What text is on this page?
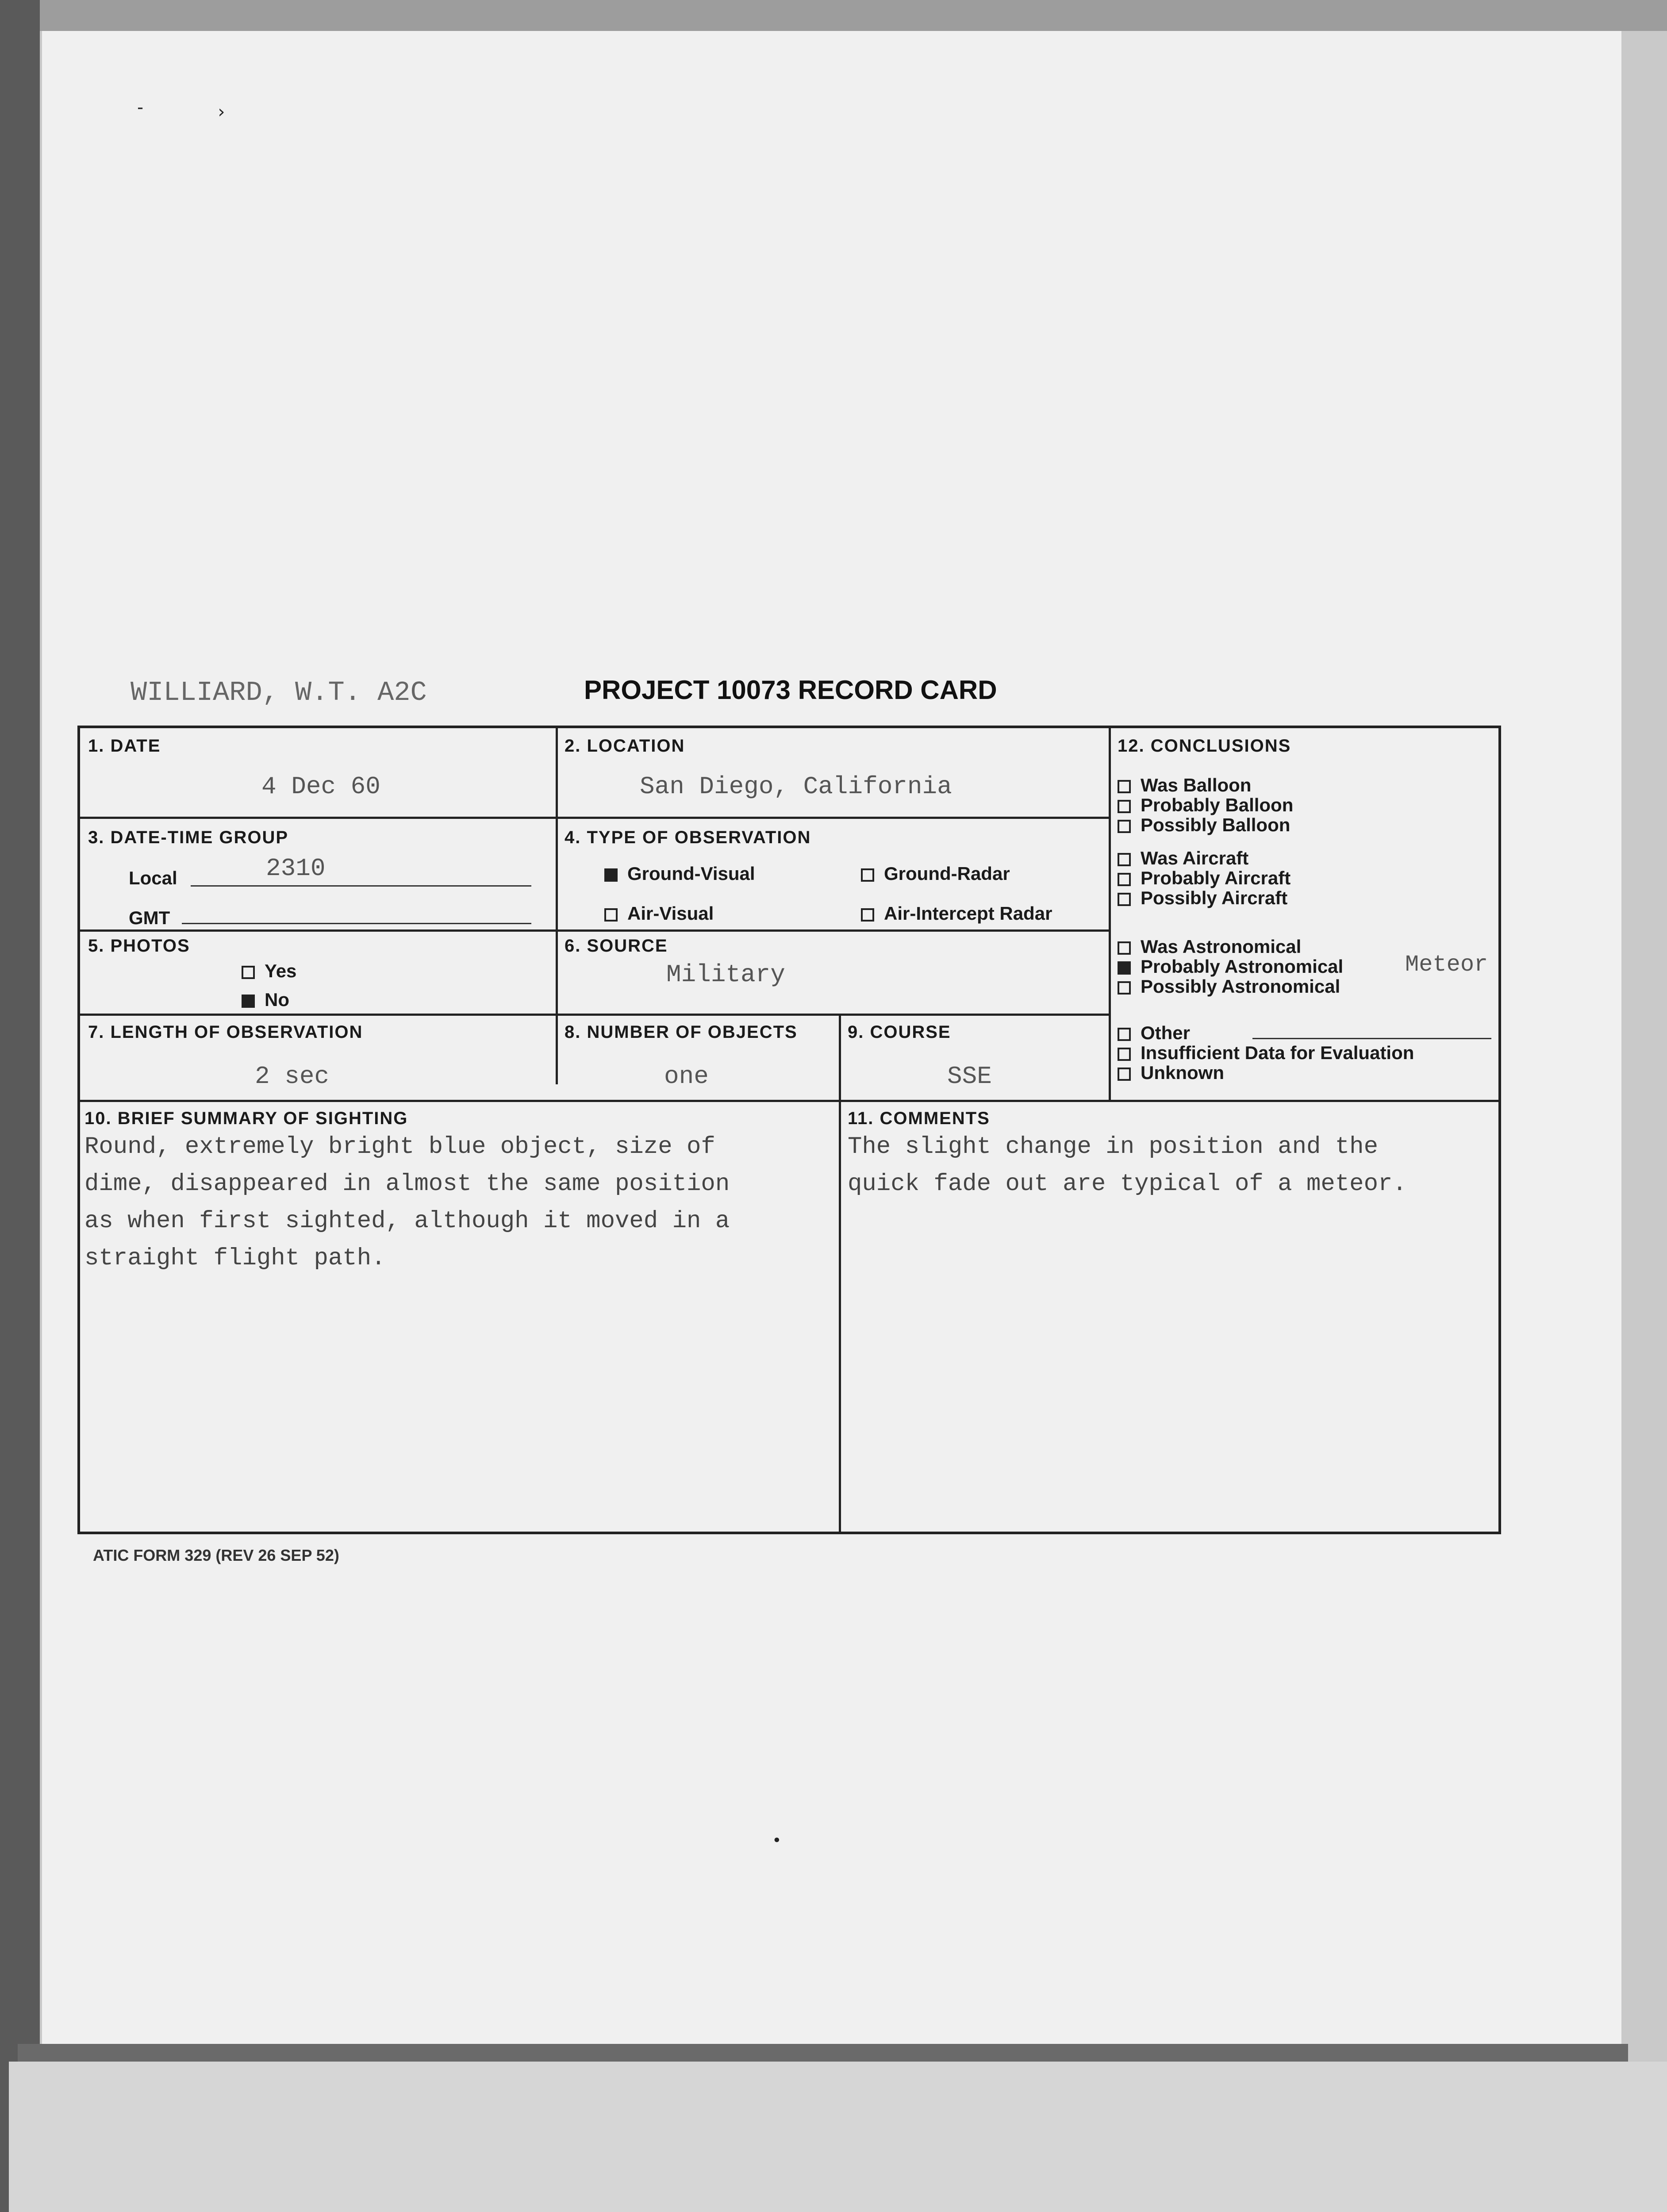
-	›
•
WILLIARD, W.T. A2C	PROJECT 10073 RECORD CARD
1. DATE
4 Dec 60
2. LOCATION
San Diego, California
3. DATE-TIME GROUP
Local	2310
GMT
4. TYPE OF OBSERVATION
Ground-Visual	Ground-Radar
Air-Visual	Air-Intercept Radar
5. PHOTOS
Yes
No
6. SOURCE
Military
7. LENGTH OF OBSERVATION
2 sec
8. NUMBER OF OBJECTS
one
9. COURSE
SSE
10. BRIEF SUMMARY OF SIGHTING
Round, extremely bright blue object, size of
dime, disappeared in almost the same position
as when first sighted, although it moved in a
straight flight path.
11. COMMENTS
The slight change in position and the
quick fade out are typical of a meteor.
12. CONCLUSIONS
Was Balloon
Probably Balloon
Possibly Balloon
Was Aircraft
Probably Aircraft
Possibly Aircraft
Was Astronomical
Probably Astronomical	Meteor
Possibly Astronomical
Other
Insufficient Data for Evaluation
Unknown
ATIC FORM 329 (REV 26 SEP 52)
